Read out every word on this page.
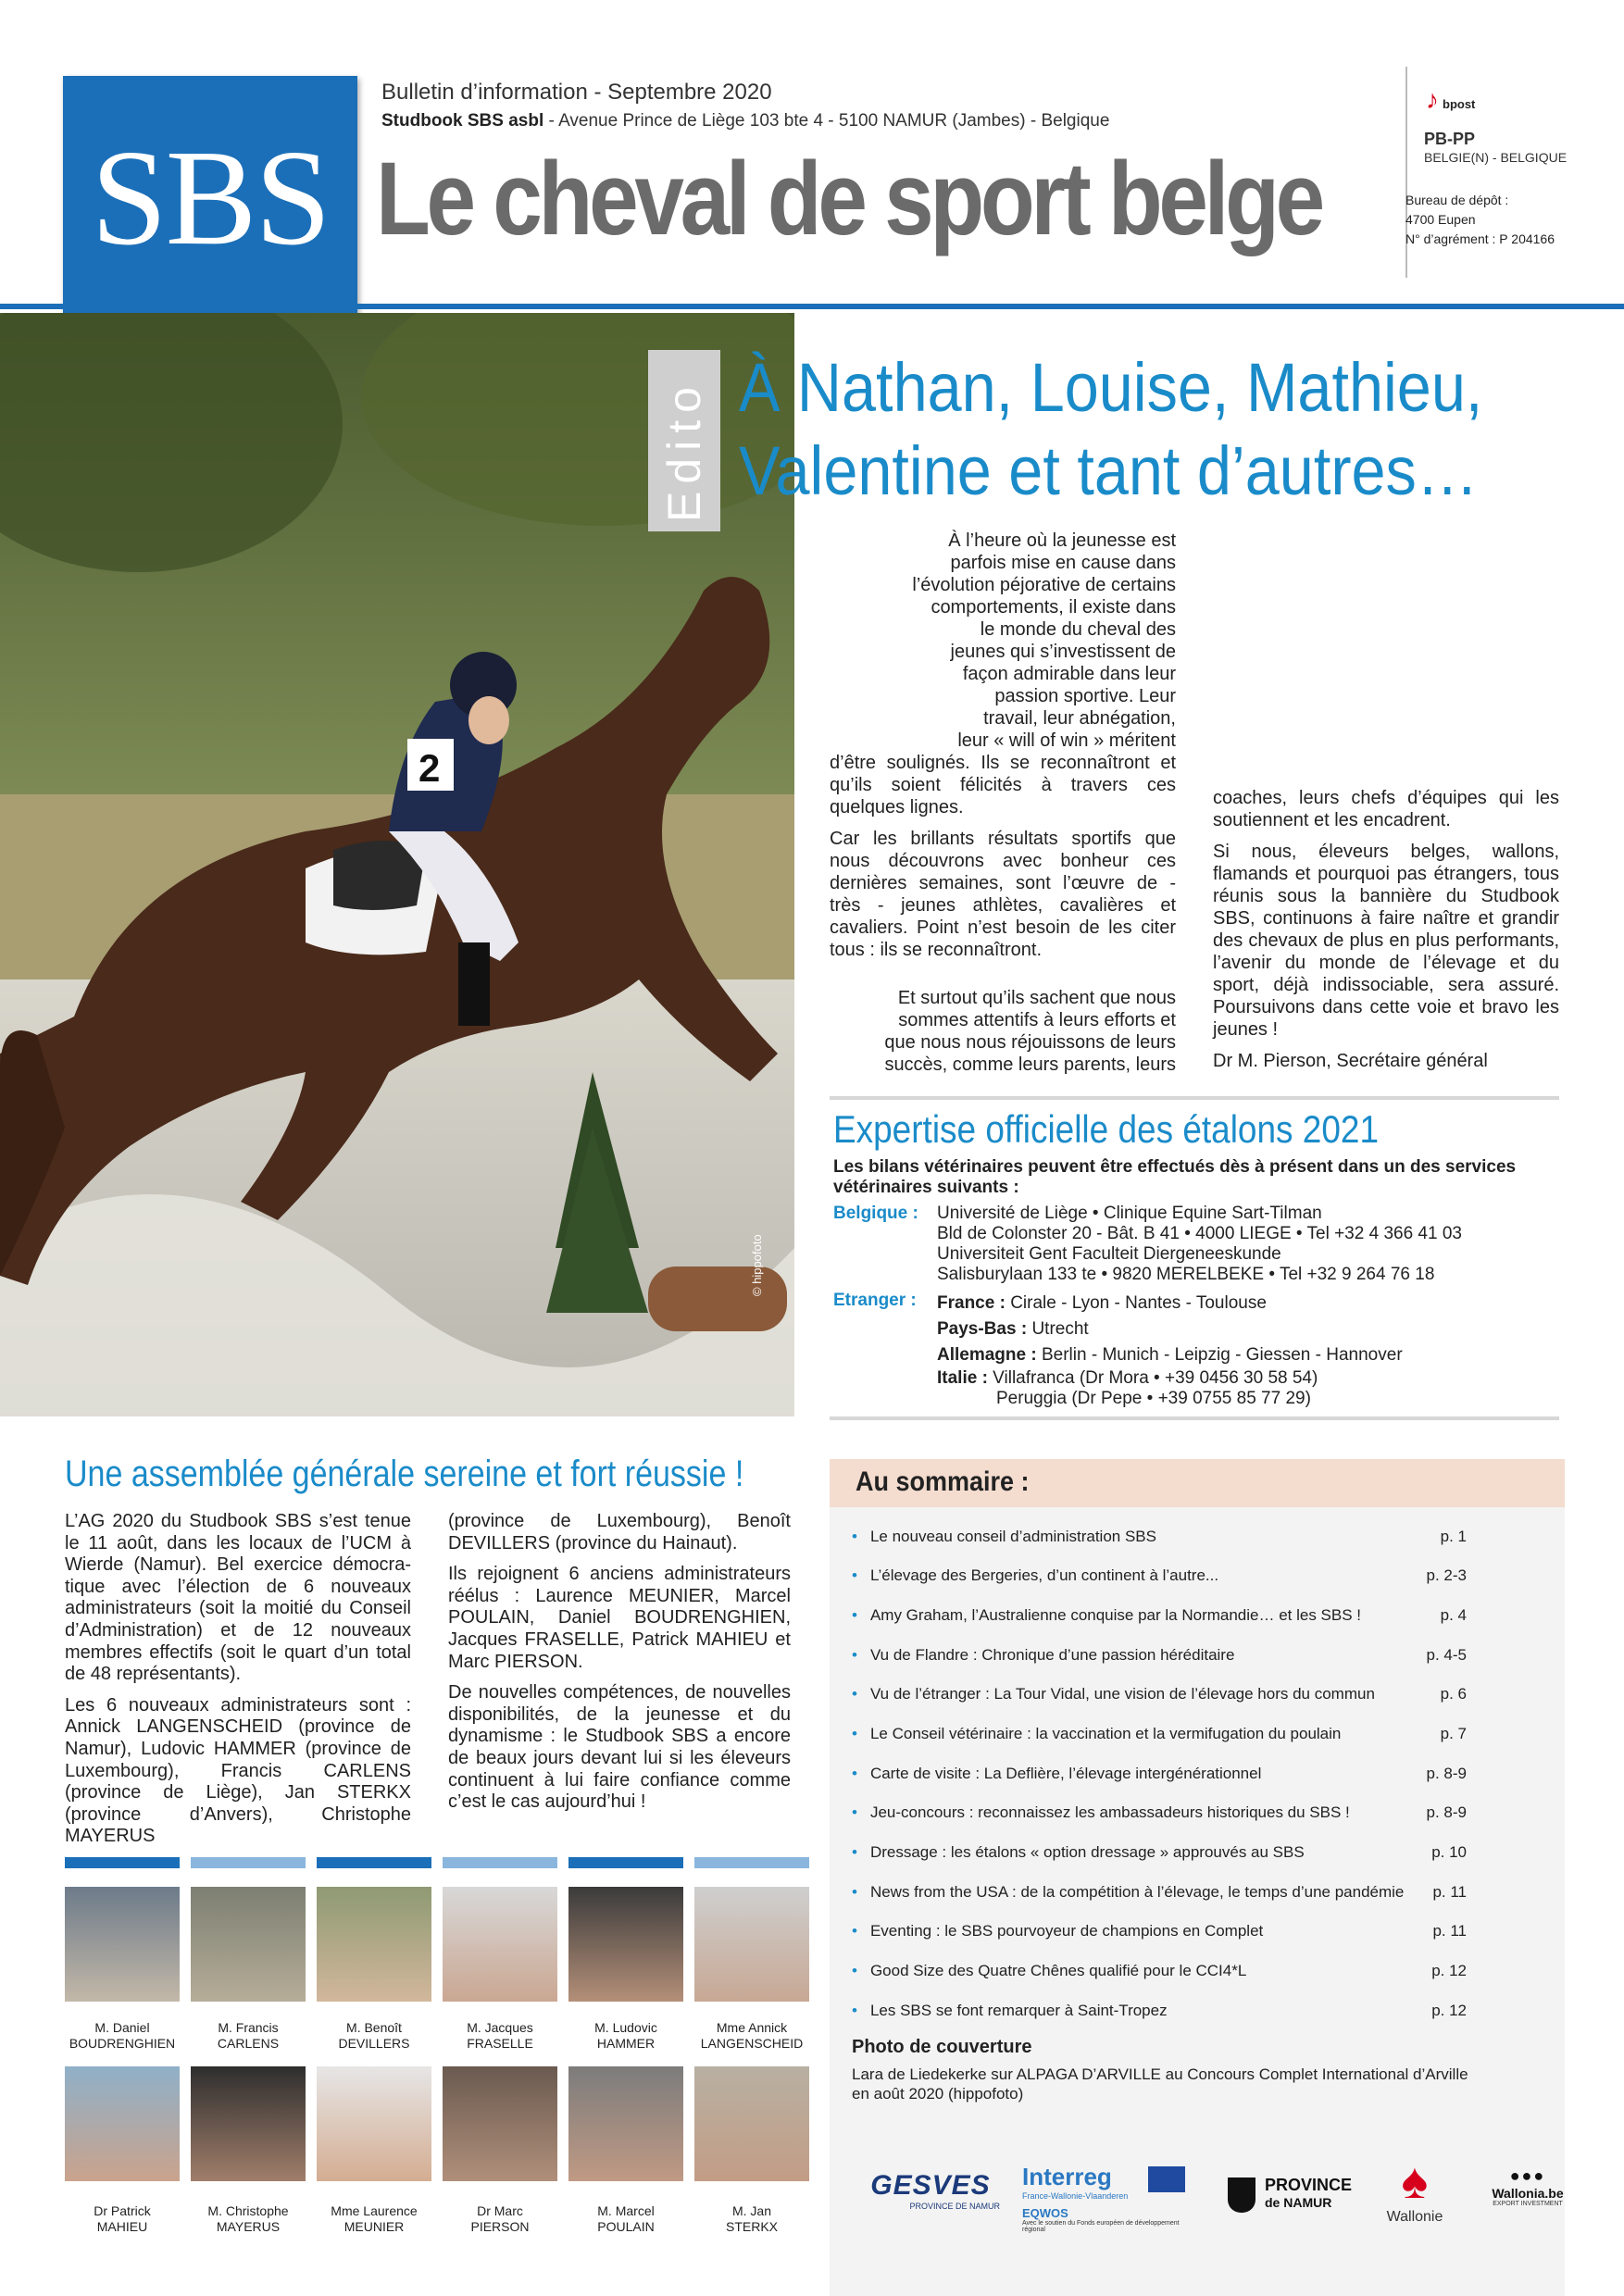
SBS
Bulletin d’information - Septembre 2020
Studbook SBS asbl - Avenue Prince de Liège 103 bte 4 - 5100 NAMUR (Jambes) - Belgique
Le cheval de sport belge
♪ bpost
PB-PP
BELGIE(N) - BELGIQUE
Bureau de dépôt :
4700 Eupen
N° d’agrément : P 204166
2
© hippofoto
Edito À Nathan, Louise, Mathieu,
Valentine et tant d’autres…
À l’heure où la jeunesse est
parfois mise en cause dans
l’évolution péjorative de certains
comportements, il existe dans
le monde du cheval des
jeunes qui s’investissent de
façon admirable dans leur
passion sportive. Leur
travail, leur abnégation,
leur « will of win » méritent

d’être soulignés. Ils se reconnaîtront et qu’ils soient félicités à travers ces quelques lignes.

Car les brillants résultats sportifs que nous découvrons avec bonheur ces dernières semaines, sont l’œuvre de - très - jeunes athlètes, cavalières et cavaliers. Point n’est besoin de les citer tous : ils se reconnaîtront.

Et surtout qu’ils sachent que nous
sommes attentifs à leurs efforts et
que nous nous réjouissons de leurs
succès, comme leurs parents, leurs

coaches, leurs chefs d’équipes qui les soutiennent et les encadrent.

Si nous, éleveurs belges, wallons, flamands et pourquoi pas étrangers, tous réunis sous la bannière du Studbook SBS, continuons à faire naître et grandir des chevaux de plus en plus performants, l’avenir du monde de l’élevage et du sport, déjà indissociable, sera assuré. Poursuivons dans cette voie et bravo les jeunes !

Dr M. Pierson, Secrétaire général

Expertise officielle des étalons 2021
Les bilans vétérinaires peuvent être effectués dès à présent dans un des services vétérinaires suivants :
Belgique : Université de Liège • Clinique Equine Sart-Tilman
Bld de Colonster 20 - Bât. B 41 • 4000 LIEGE • Tel +32 4 366 41 03
Universiteit Gent Faculteit Diergeneeskunde
Salisburylaan 133 te • 9820 MERELBEKE • Tel +32 9 264 76 18
Etranger : France : Cirale - Lyon - Nantes - Toulouse
Pays-Bas : Utrecht
Allemagne : Berlin - Munich - Leipzig - Giessen - Hannover
Italie : Villafranca (Dr Mora • +39 0456 30 58 54)
Peruggia (Dr Pepe • +39 0755 85 77 29)
Une assemblée générale sereine et fort réussie !

L’AG 2020 du Studbook SBS s’est tenue le 11 août, dans les locaux de l’UCM à Wierde (Namur). Bel exercice démocra-tique avec l’élection de 6 nouveaux administrateurs (soit la moitié du Conseil d’Administration) et de 12 nouveaux membres effectifs (soit le quart d’un total de 48 représentants).

Les 6 nouveaux administrateurs sont : Annick LANGENSCHEID (province de Namur), Ludovic HAMMER (province de Luxembourg), Francis CARLENS (province de Liège), Jan STERKX (province d’Anvers), Christophe MAYERUS

(province de Luxembourg), Benoît DEVILLERS (province du Hainaut).

Ils rejoignent 6 anciens administrateurs réélus : Laurence MEUNIER, Marcel POULAIN, Daniel BOUDRENGHIEN, Jacques FRASELLE, Patrick MAHIEU et Marc PIERSON.

De nouvelles compétences, de nouvelles disponibilités, de la jeunesse et du dynamisme : le Studbook SBS a encore de beaux jours devant lui si les éleveurs continuent à lui faire confiance comme c’est le cas aujourd’hui !

M. Daniel
BOUDRENGHIEN
M. Francis
CARLENS
M. Benoît
DEVILLERS
M. Jacques
FRASELLE
M. Ludovic
HAMMER
Mme Annick
LANGENSCHEID
Dr Patrick
MAHIEU
M. Christophe
MAYERUS
Mme Laurence
MEUNIER
Dr Marc
PIERSON
M. Marcel
POULAIN
M. Jan
STERKX
Au sommaire :
• Le nouveau conseil d’administration SBS	p. 1
• L’élevage des Bergeries, d’un continent à l’autre...	p. 2-3
• Amy Graham, l’Australienne conquise par la Normandie… et les SBS !	p. 4
• Vu de Flandre : Chronique d’une passion héréditaire	p. 4-5
• Vu de l’étranger : La Tour Vidal, une vision de l’élevage hors du commun	p. 6
• Le Conseil vétérinaire : la vaccination et la vermifugation du poulain	p. 7
• Carte de visite : La Deflière, l’élevage intergénérationnel	p. 8-9
• Jeu-concours : reconnaissez les ambassadeurs historiques du SBS !	p. 8-9
• Dressage : les étalons « option dressage » approuvés au SBS	p. 10
• News from the USA : de la compétition à l’élevage, le temps d’une pandémie	p. 11
• Eventing : le SBS pourvoyeur de champions en Complet	p. 11
• Good Size des Quatre Chênes qualifié pour le CCI4*L	p. 12
• Les SBS se font remarquer à Saint-Tropez	p. 12
Photo de couverture
Lara de Liedekerke sur ALPAGA D’ARVILLE au Concours Complet International d’Arville en août 2020 (hippofoto)
GESVES
PROVINCE DE NAMUR
Interreg
France-Wallonie-Vlaanderen
EQWOS
Avec le soutien du Fonds européen de développement régional
PROVINCE
de NAMUR	♠
Wallonie
●●●
Wallonia.be
EXPORT INVESTMENT
